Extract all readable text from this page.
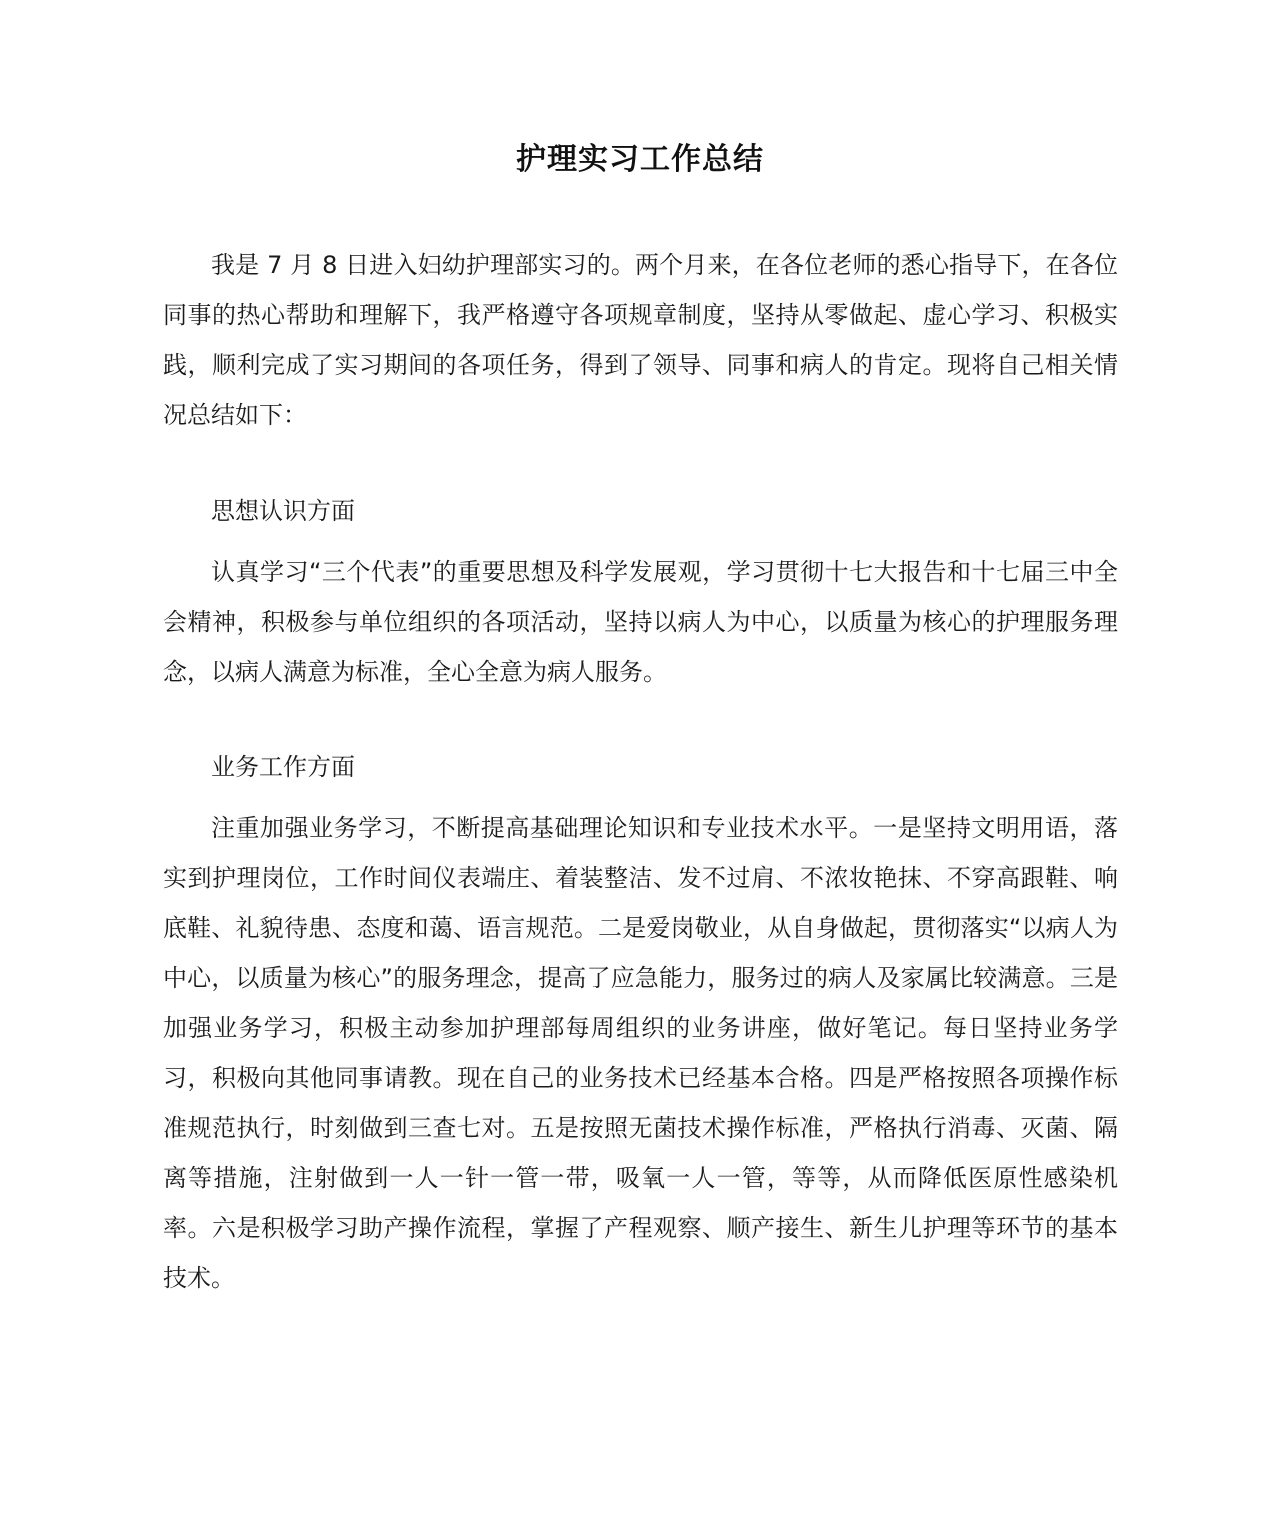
护理实习工作总结

我是 7 月 8 日进入妇幼护理部实习的。两个月来，在各位老师的悉心指导下，在各位同事的热心帮助和理解下，我严格遵守各项规章制度，坚持从零做起、虚心学习、积极实践，顺利完成了实习期间的各项任务，得到了领导、同事和病人的肯定。现将自己相关情况总结如下：

思想认识方面

认真学习“三个代表”的重要思想及科学发展观，学习贯彻十七大报告和十七届三中全会精神，积极参与单位组织的各项活动，坚持以病人为中心，以质量为核心的护理服务理念，以病人满意为标准，全心全意为病人服务。

业务工作方面

注重加强业务学习，不断提高基础理论知识和专业技术水平。一是坚持文明用语，落实到护理岗位，工作时间仪表端庄、着装整洁、发不过肩、不浓妆艳抹、不穿高跟鞋、响底鞋、礼貌待患、态度和蔼、语言规范。二是爱岗敬业，从自身做起，贯彻落实“以病人为中心，以质量为核心”的服务理念，提高了应急能力，服务过的病人及家属比较满意。三是加强业务学习，积极主动参加护理部每周组织的业务讲座，做好笔记。每日坚持业务学习，积极向其他同事请教。现在自己的业务技术已经基本合格。四是严格按照各项操作标准规范执行，时刻做到三查七对。五是按照无菌技术操作标准，严格执行消毒、灭菌、隔离等措施，注射做到一人一针一管一带，吸氧一人一管，等等，从而降低医原性感染机率。六是积极学习助产操作流程，掌握了产程观察、顺产接生、新生儿护理等环节的基本技术。
